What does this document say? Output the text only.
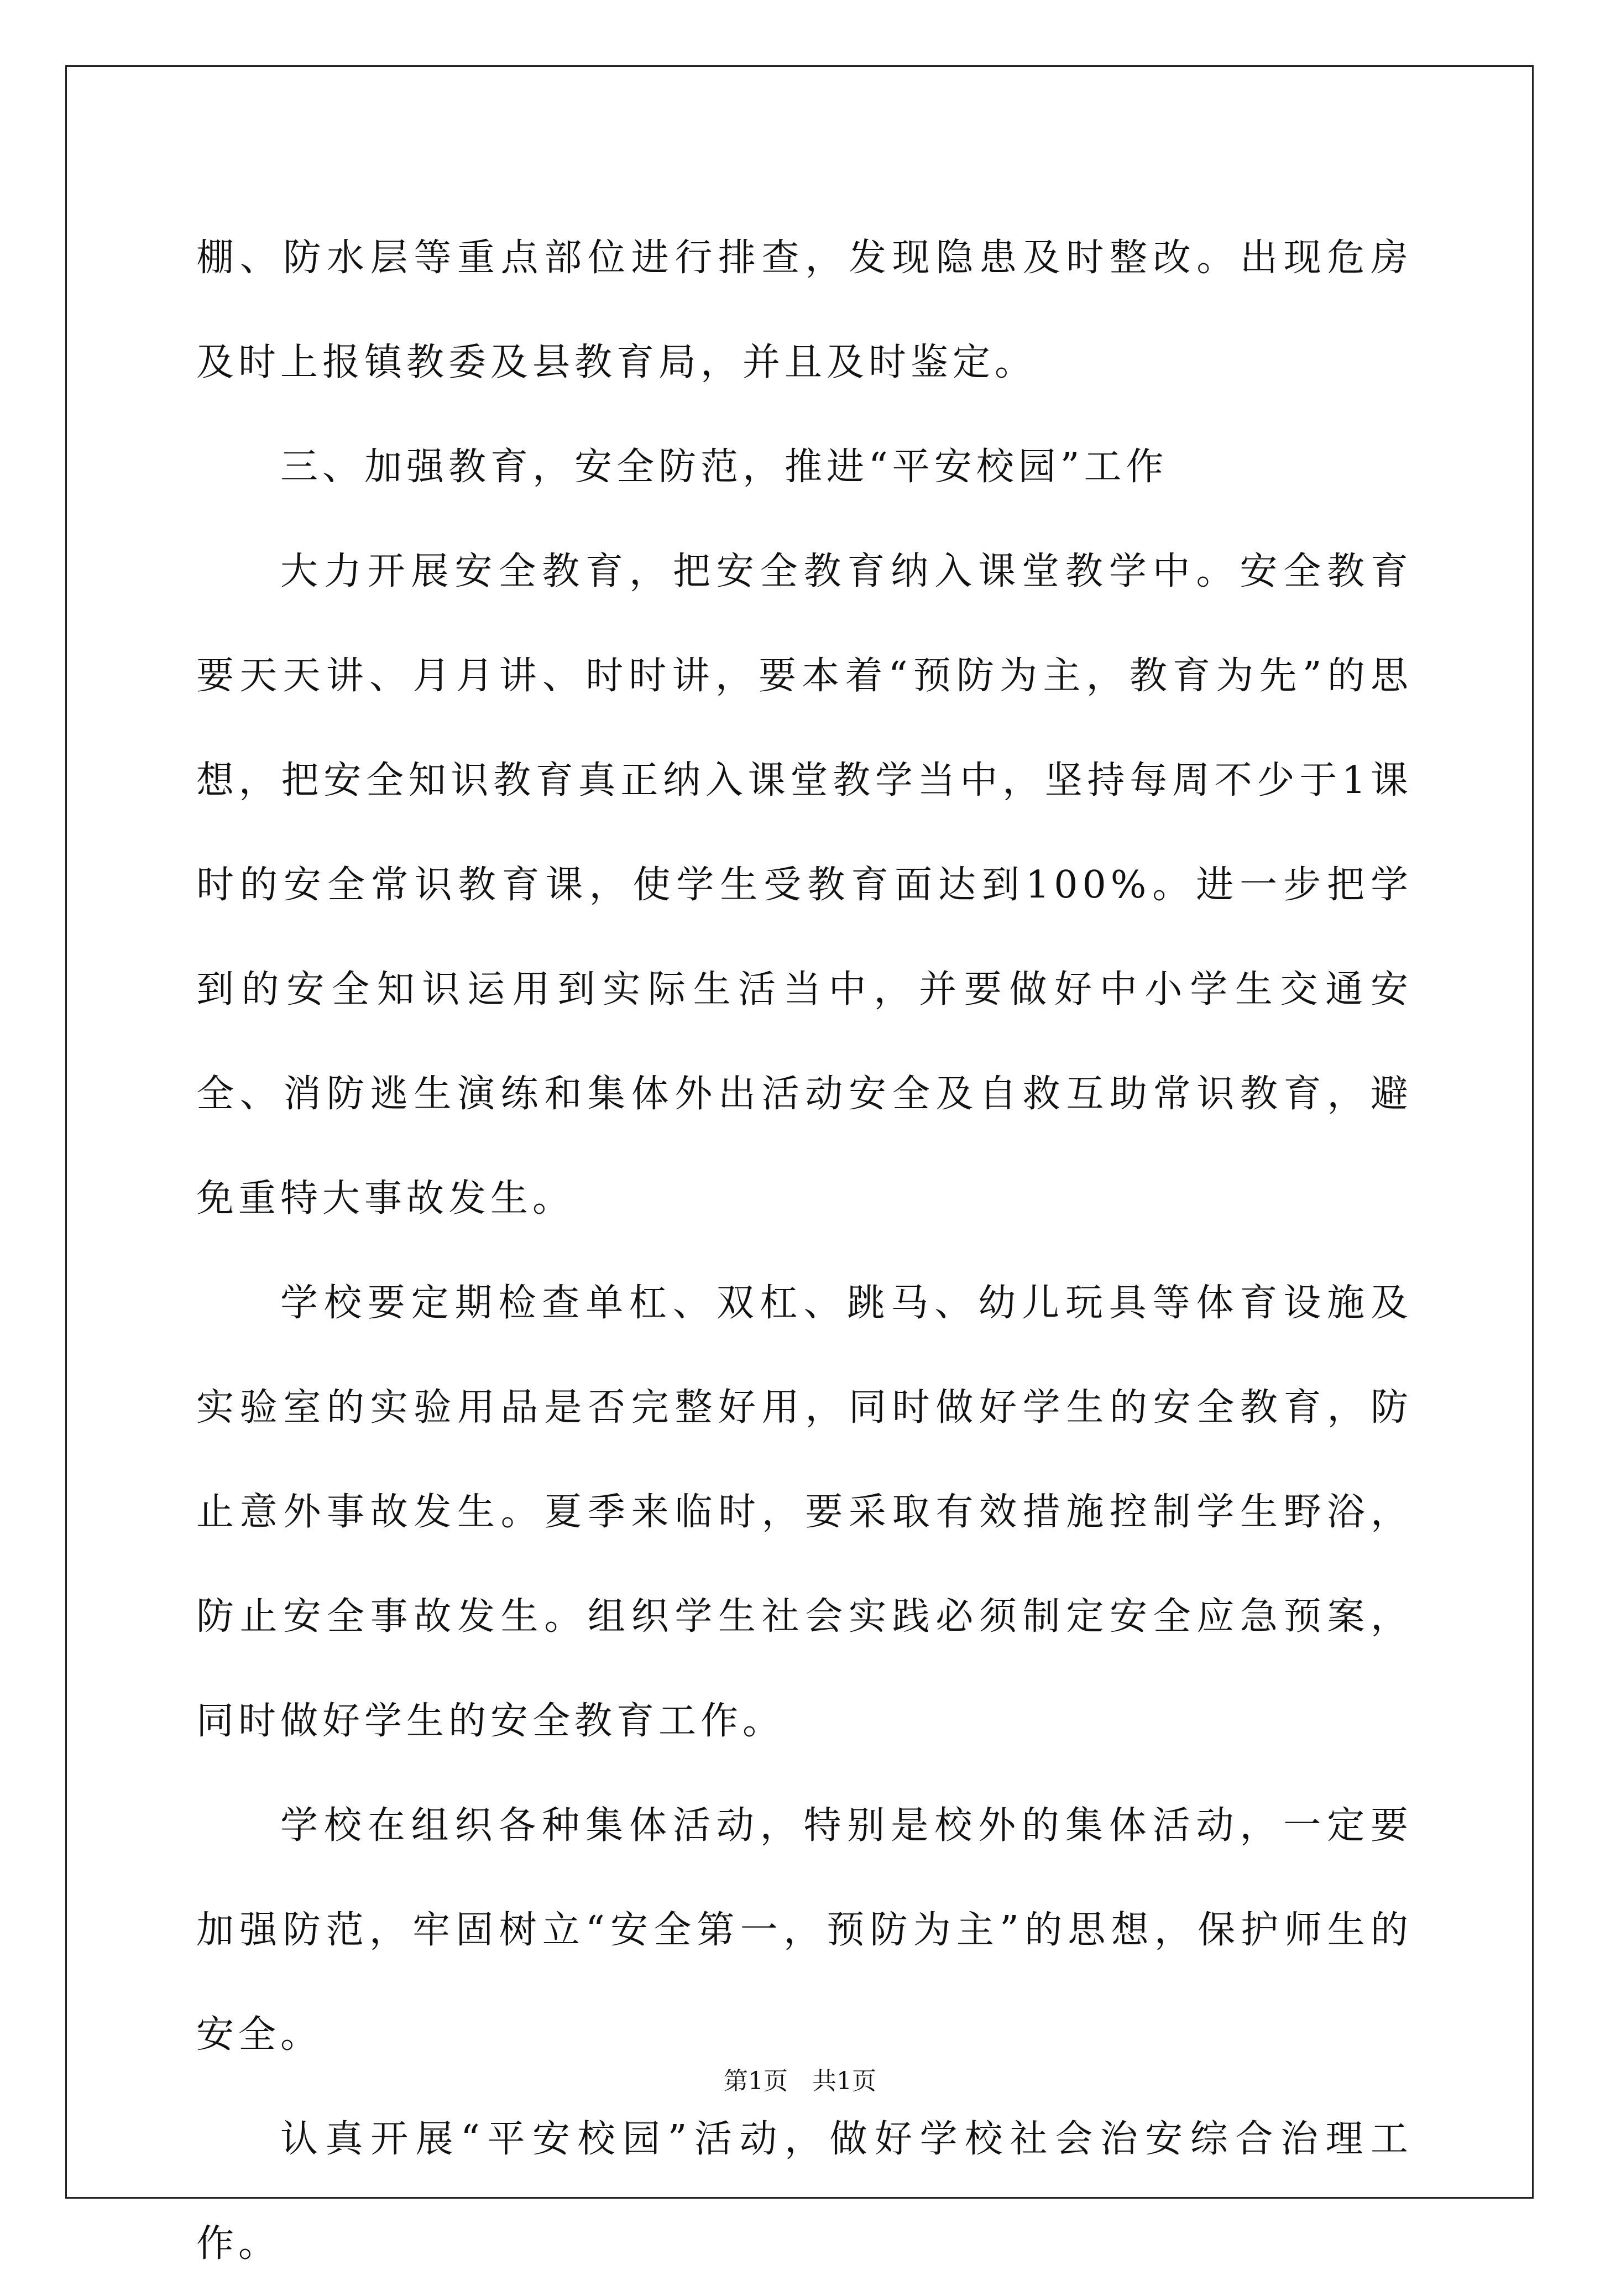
棚、防水层等重点部位进行排查，发现隐患及时整改。出现危房及时上报镇教委及县教育局，并且及时鉴定。

三、加强教育，安全防范，推进“平安校园”工作

大力开展安全教育，把安全教育纳入课堂教学中。安全教育要天天讲、月月讲、时时讲，要本着“预防为主，教育为先”的思想，把安全知识教育真正纳入课堂教学当中，坚持每周不少于1课时的安全常识教育课，使学生受教育面达到100%。进一步把学到的安全知识运用到实际生活当中，并要做好中小学生交通安全、消防逃生演练和集体外出活动安全及自救互助常识教育，避免重特大事故发生。

学校要定期检查单杠、双杠、跳马、幼儿玩具等体育设施及实验室的实验用品是否完整好用，同时做好学生的安全教育，防止意外事故发生。夏季来临时，要采取有效措施控制学生野浴，防止安全事故发生。组织学生社会实践必须制定安全应急预案，同时做好学生的安全教育工作。

学校在组织各种集体活动，特别是校外的集体活动，一定要加强防范，牢固树立“安全第一，预防为主”的思想，保护师生的安全。

认真开展“平安校园”活动，做好学校社会治安综合治理工作。

第1页　共1页
